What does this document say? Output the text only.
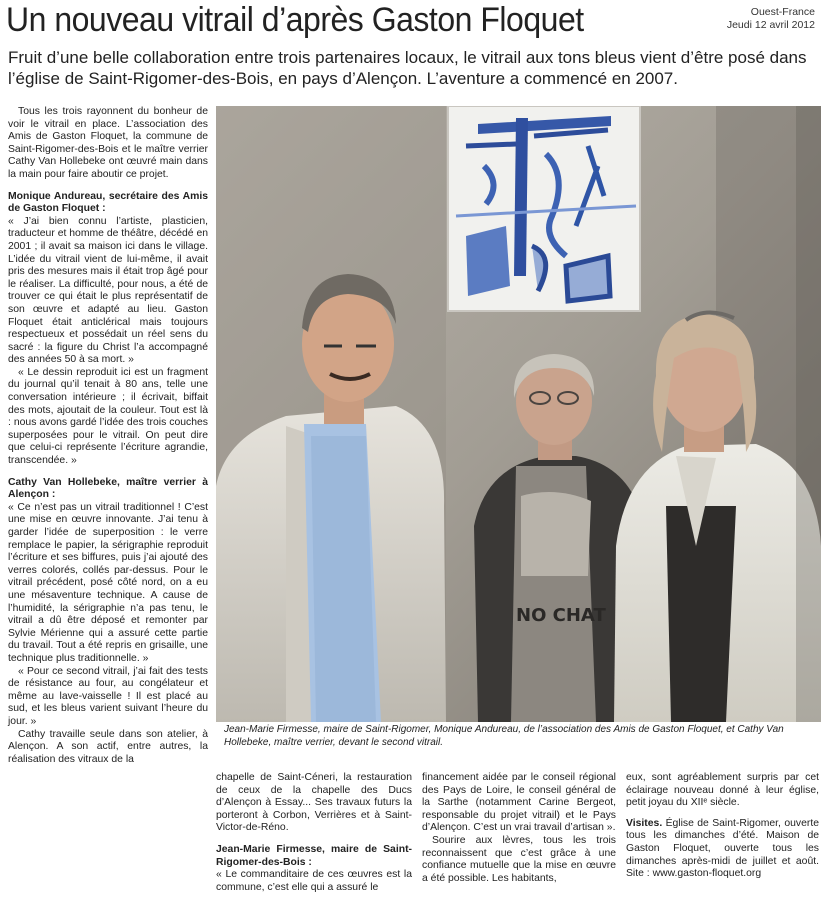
Un nouveau vitrail d’après Gaston Floquet	Ouest-France
Jeudi 12 avril 2012
Fruit d’une belle collaboration entre trois partenaires locaux, le vitrail aux tons bleus vient d’être posé dans l’église de Saint-Rigomer-des-Bois, en pays d’Alençon. L’aventure a commencé en 2007.

Tous les trois rayonnent du bonheur de voir le vitrail en place. L’association des Amis de Gaston Floquet, la commune de Saint-Rigomer-des-Bois et le maître verrier Cathy Van Hollebeke ont œuvré main dans la main pour faire aboutir ce projet.

Monique Andureau, secrétaire des Amis de Gaston Floquet :

« J’ai bien connu l’artiste, plasticien, traducteur et homme de théâtre, décédé en 2001 ; il avait sa maison ici dans le village. L’idée du vitrail vient de lui-même, il avait pris des mesures mais il était trop âgé pour le réaliser. La difficulté, pour nous, a été de trouver ce qui était le plus représentatif de son œuvre et adapté au lieu. Gaston Floquet était anticlérical mais toujours respectueux et possédait un réel sens du sacré : la figure du Christ l’a accompagné des années 50 à sa mort. »

« Le dessin reproduit ici est un fragment du journal qu’il tenait à 80 ans, telle une conversation intérieure ; il écrivait, biffait des mots, ajoutait de la couleur. Tout est là : nous avons gardé l’idée des trois couches superposées pour le vitrail. On peut dire que celui-ci représente l’écriture agrandie, transcendée. »

Cathy Van Hollebeke, maître verrier à Alençon :

« Ce n’est pas un vitrail traditionnel ! C’est une mise en œuvre innovante. J’ai tenu à garder l’idée de superposition : le verre remplace le papier, la sérigraphie reproduit l’écriture et ses biffures, puis j’ai ajouté des verres colorés, collés par-dessus. Pour le vitrail précédent, posé côté nord, on a eu une mésaventure technique. A cause de l’humidité, la sérigraphie n’a pas tenu, le vitrail a dû être déposé et remonter par Sylvie Mérienne qui a assuré cette partie du travail. Tout a été repris en grisaille, une technique plus traditionnelle. »

« Pour ce second vitrail, j’ai fait des tests de résistance au four, au congélateur et même au lave-vaisselle ! Il est placé au sud, et les bleus varient suivant l’heure du jour. »

Cathy travaille seule dans son atelier, à Alençon. A son actif, entre autres, la réalisation des vitraux de la

NO CHAT
Jean-Marie Firmesse, maire de Saint-Rigomer, Monique Andureau, de l’association des Amis de Gaston Floquet, et Cathy Van Hollebeke, maître verrier, devant le second vitrail.

chapelle de Saint-Céneri, la restauration de ceux de la chapelle des Ducs d’Alençon à Essay... Ses travaux futurs la porteront à Corbon, Verrières et à Saint-Victor-de-Réno.

Jean-Marie Firmesse, maire de Saint-Rigomer-des-Bois :

« Le commanditaire de ces œuvres est la commune, c’est elle qui a assuré le

financement aidée par le conseil régional des Pays de Loire, le conseil général de la Sarthe (notamment Carine Bergeot, responsable du projet vitrail) et le Pays d’Alençon. C’est un vrai travail d’artisan ».

Sourire aux lèvres, tous les trois reconnaissent que c’est grâce à une confiance mutuelle que la mise en œuvre a été possible. Les habitants,

eux, sont agréablement surpris par cet éclairage nouveau donné à leur église, petit joyau du XIIᵉ siècle.

Visites. Église de Saint-Rigomer, ouverte tous les dimanches d’été. Maison de Gaston Floquet, ouverte tous les dimanches après-midi de juillet et août. Site : www.gaston-floquet.org
